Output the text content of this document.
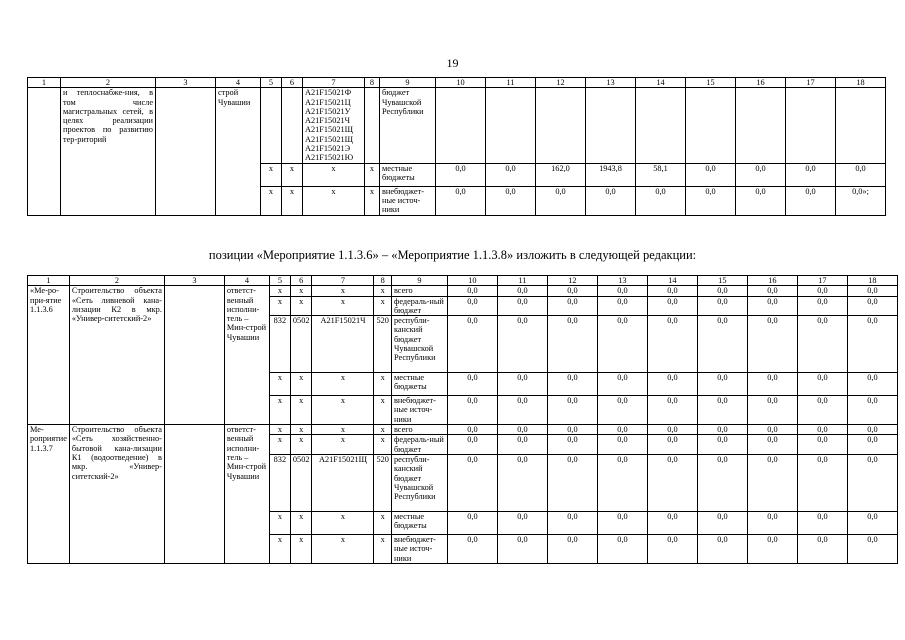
19
1	2	3	4	5	6	7	8	9	10	11	12	13	14	15	16	17	18
	и теплоснабже-ния, в том числе магистральных сетей, в целях реализации проектов по развитию тер-риторий		строй Чувашии			A21F15021Ф A21F15021Ц A21F15021У A21F15021Ч A21F15021Щ A21F15021Щ A21F15021Э A21F15021Ю		бюджет Чувашской Республики									
				x	x	x	x	местные бюджеты	0,0	0,0	162,0	1943,8	58,1	0,0	0,0	0,0	0,0
				x	x	x	x	внебюджет-ные источ-ники	0,0	0,0	0,0	0,0	0,0	0,0	0,0	0,0	0,0»;
позиции «Мероприятие 1.1.3.6» – «Мероприятие 1.1.3.8» изложить в следующей редакции:
1	2	3	4	5	6	7	8	9	10	11	12	13	14	15	16	17	18
«Ме-ро-при-ятие 1.1.3.6	Строительство объекта «Сеть ливневой кана-лизации К2 в мкр. «Универ-ситетский-2»		ответст-венный исполни-тель – Мин-строй Чувашии	x	x	x	x	всего	0,0	0,0	0,0	0,0	0,0	0,0	0,0	0,0	0,0
				x	x	x	x	федераль-ный бюджет	0,0	0,0	0,0	0,0	0,0	0,0	0,0	0,0	0,0
				832	0502	A21F15021Ч	520	республи-канский бюджет Чувашской Республики	0,0	0,0	0,0	0,0	0,0	0,0	0,0	0,0	0,0
				x	x	x	x	местные бюджеты	0,0	0,0	0,0	0,0	0,0	0,0	0,0	0,0	0,0
				x	x	x	x	внебюджет-ные источ-ники	0,0	0,0	0,0	0,0	0,0	0,0	0,0	0,0	0,0
Ме-роприятие 1.1.3.7	Строительство объекта «Сеть хозяйственно-бытовой кана-лизации К1 (водоотведение) в мкр. «Универ-ситетский-2»		ответст-венный исполни-тель – Мин-строй Чувашии	x	x	x	x	всего	0,0	0,0	0,0	0,0	0,0	0,0	0,0	0,0	0,0
				x	x	x	x	федераль-ный бюджет	0,0	0,0	0,0	0,0	0,0	0,0	0,0	0,0	0,0
				832	0502	A21F15021Щ	520	республи-канский бюджет Чувашской Республики	0,0	0,0	0,0	0,0	0,0	0,0	0,0	0,0	0,0
				x	x	x	x	местные бюджеты	0,0	0,0	0,0	0,0	0,0	0,0	0,0	0,0	0,0
				x	x	x	x	внебюджет-ные источ-ники	0,0	0,0	0,0	0,0	0,0	0,0	0,0	0,0	0,0
